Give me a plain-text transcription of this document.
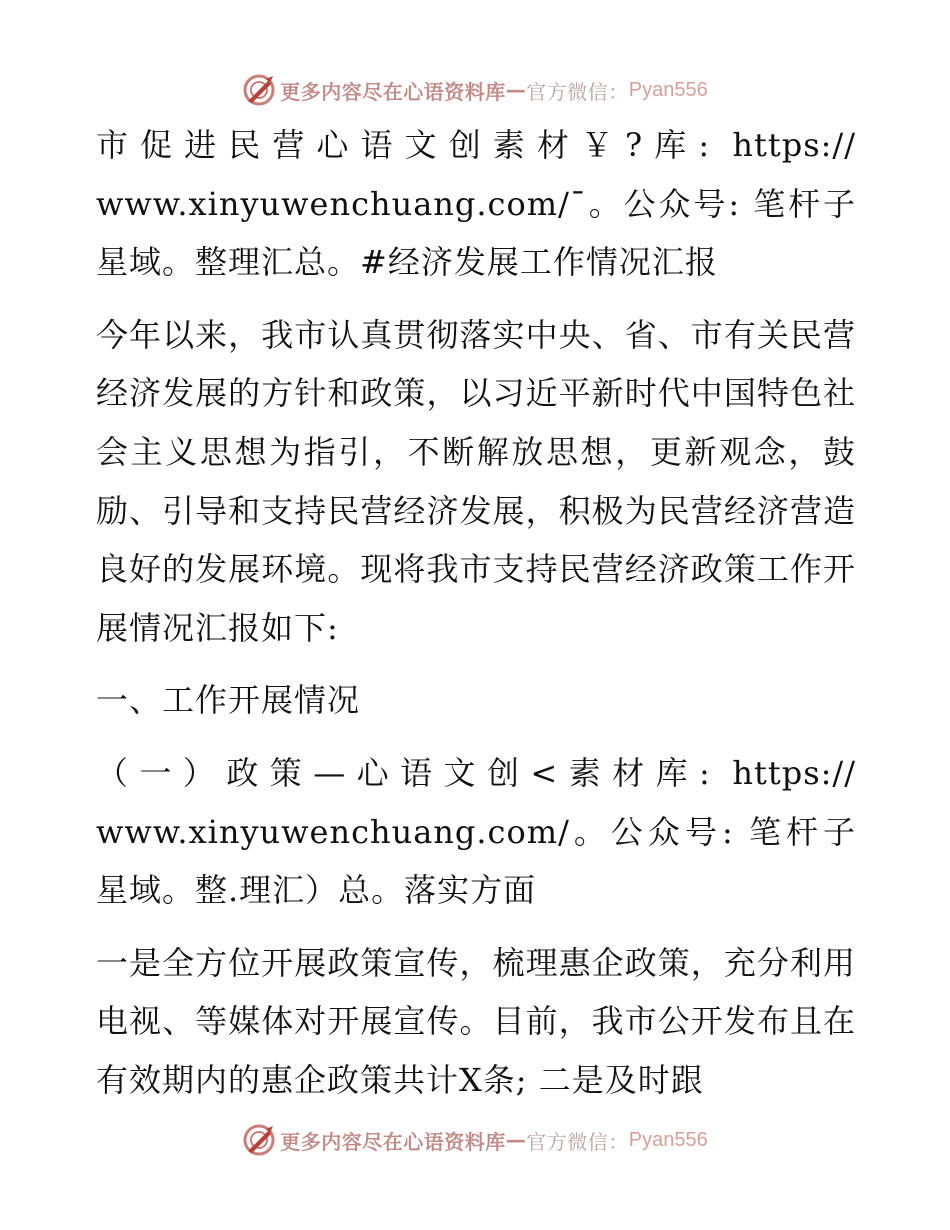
更多内容尽在心语资料库 — 官方微信： Pyan556

市促进民营心语文创素材￥?库: https:// www.xinyuwenchuang.com/¯。公众号: 笔杆子星域。整理汇总。#经济发展工作情况汇报

今年以来，我市认真贯彻落实中央、省、市有关民营经济发展的方针和政策，以习近平新时代中国特色社会主义思想为指引，不断解放思想，更新观念，鼓励、引导和支持民营经济发展，积极为民营经济营造良好的发展环境。现将我市支持民营经济政策工作开展情况汇报如下:

一、工作开展情况

（一）政策—心语文创<素材库: https:// www.xinyuwenchuang.com/。公众号: 笔杆子星域。整.理汇）总。落实方面

一是全方位开展政策宣传，梳理惠企政策，充分利用电视、等媒体对开展宣传。目前，我市公开发布且在有效期内的惠企政策共计X条; 二是及时跟

更多内容尽在心语资料库 — 官方微信： Pyan556
